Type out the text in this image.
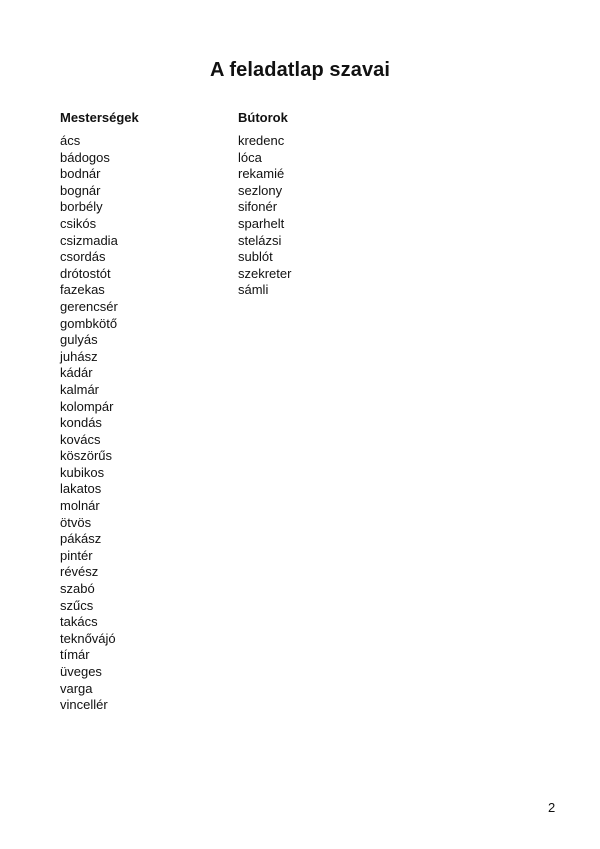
A feladatlap szavai
Mesterségek
ács
bádogos
bodnár
bognár
borbély
csikós
csizmadia
csordás
drótostót
fazekas
gerencsér
gombkötő
gulyás
juhász
kádár
kalmár
kolompár
kondás
kovács
köszörűs
kubikos
lakatos
molnár
ötvös
pákász
pintér
révész
szabó
szűcs
takács
teknővájó
tímár
üveges
varga
vincellér
Bútorok
kredenc
lóca
rekamié
sezlony
sifonér
sparhelt
stelázsi
sublót
szekreter
sámli
2
